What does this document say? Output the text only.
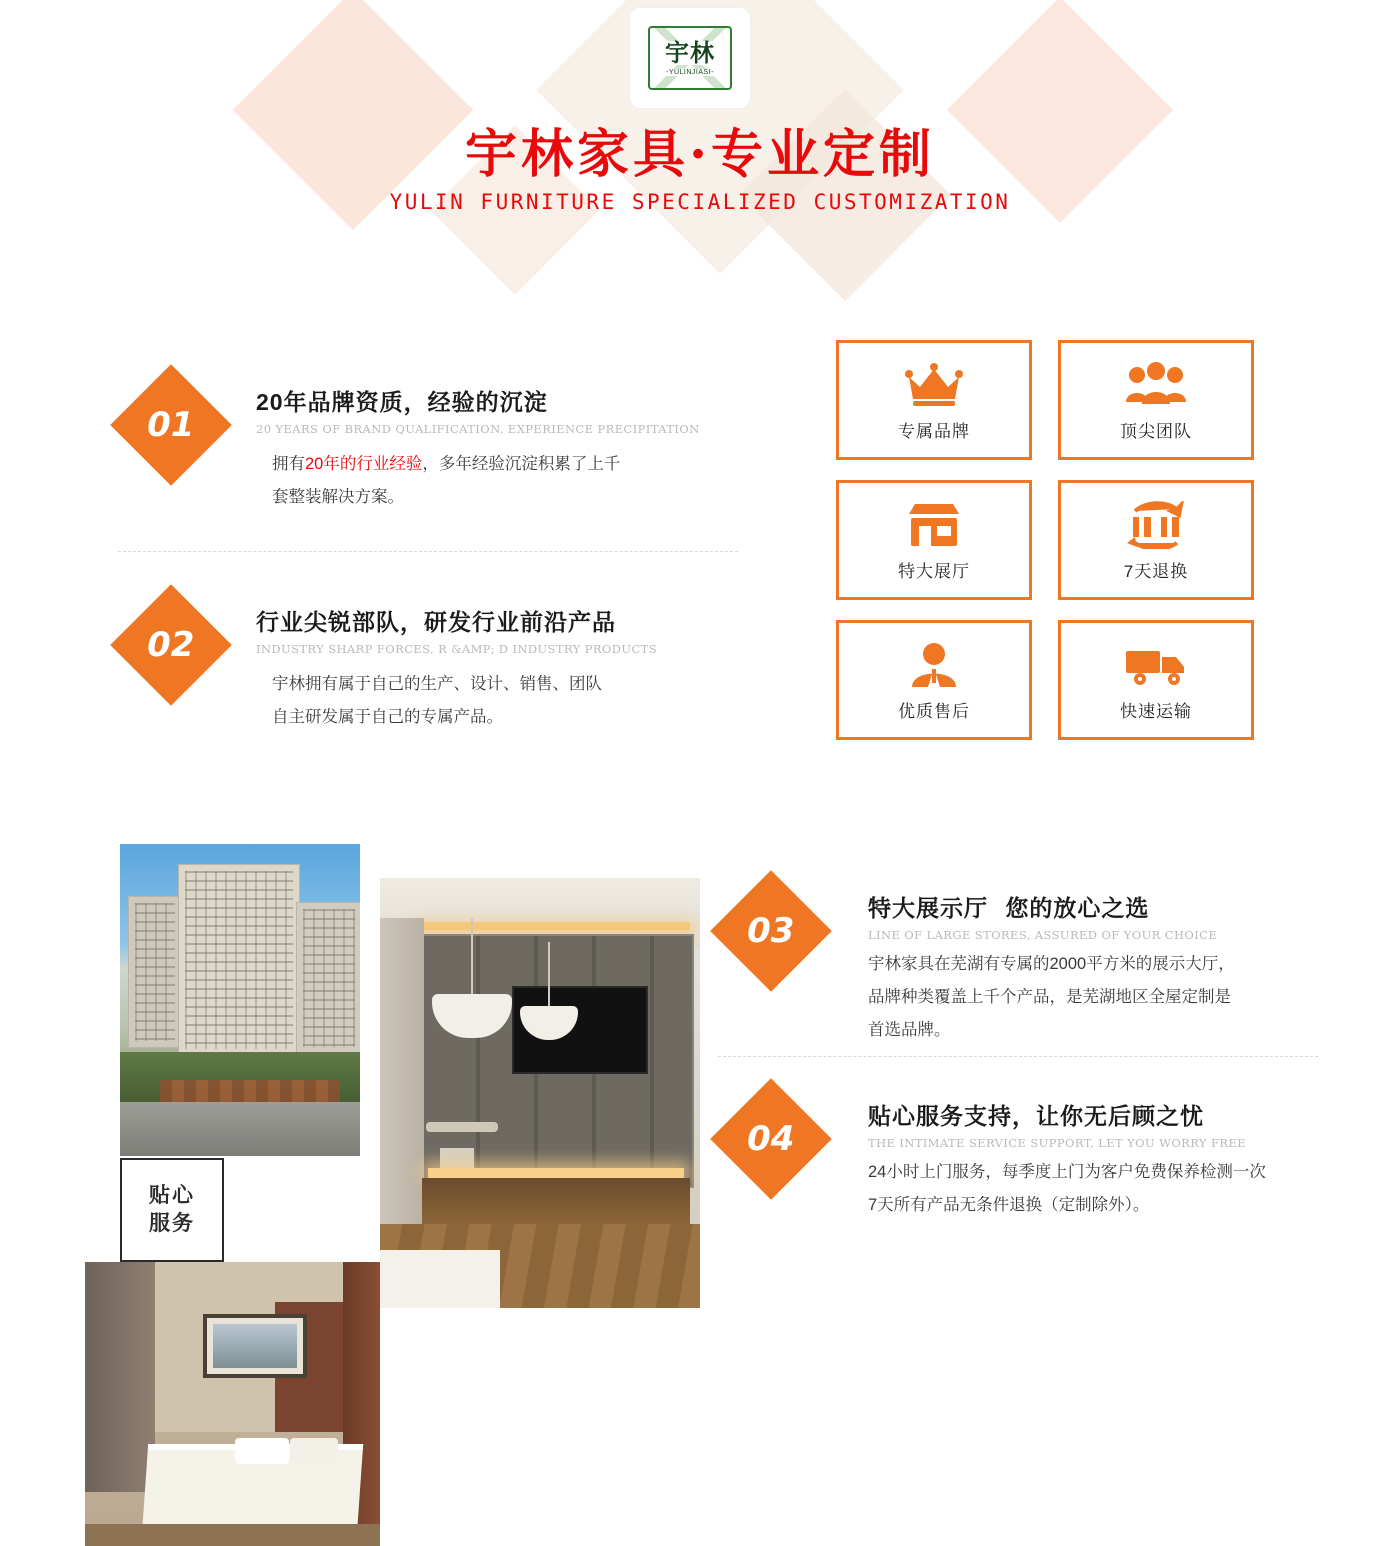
宇林
-YULINJIASI-
宇林家具·专业定制
YULIN FURNITURE SPECIALIZED CUSTOMIZATION
01
20年品牌资质，经验的沉淀
20 YEARS OF BRAND QUALIFICATION, EXPERIENCE PRECIPITATION
拥有20年的行业经验，多年经验沉淀积累了上千
套整装解决方案。
02
行业尖锐部队，研发行业前沿产品
INDUSTRY SHARP FORCES, R &AMP; D INDUSTRY PRODUCTS
宇林拥有属于自己的生产、设计、销售、团队
自主研发属于自己的专属产品。
专属品牌	顶尖团队
特大展厅	7天退换
优质售后	快速运输
贴心
服务
03
特大展示厅 您的放心之选
LINE OF LARGE STORES, ASSURED OF YOUR CHOICE
宇林家具在芜湖有专属的2000平方米的展示大厅，
品牌种类覆盖上千个产品，是芜湖地区全屋定制是
首选品牌。
04
贴心服务支持，让你无后顾之忧
THE INTIMATE SERVICE SUPPORT, LET YOU WORRY FREE
24小时上门服务，每季度上门为客户免费保养检测一次
7天所有产品无条件退换（定制除外）。
